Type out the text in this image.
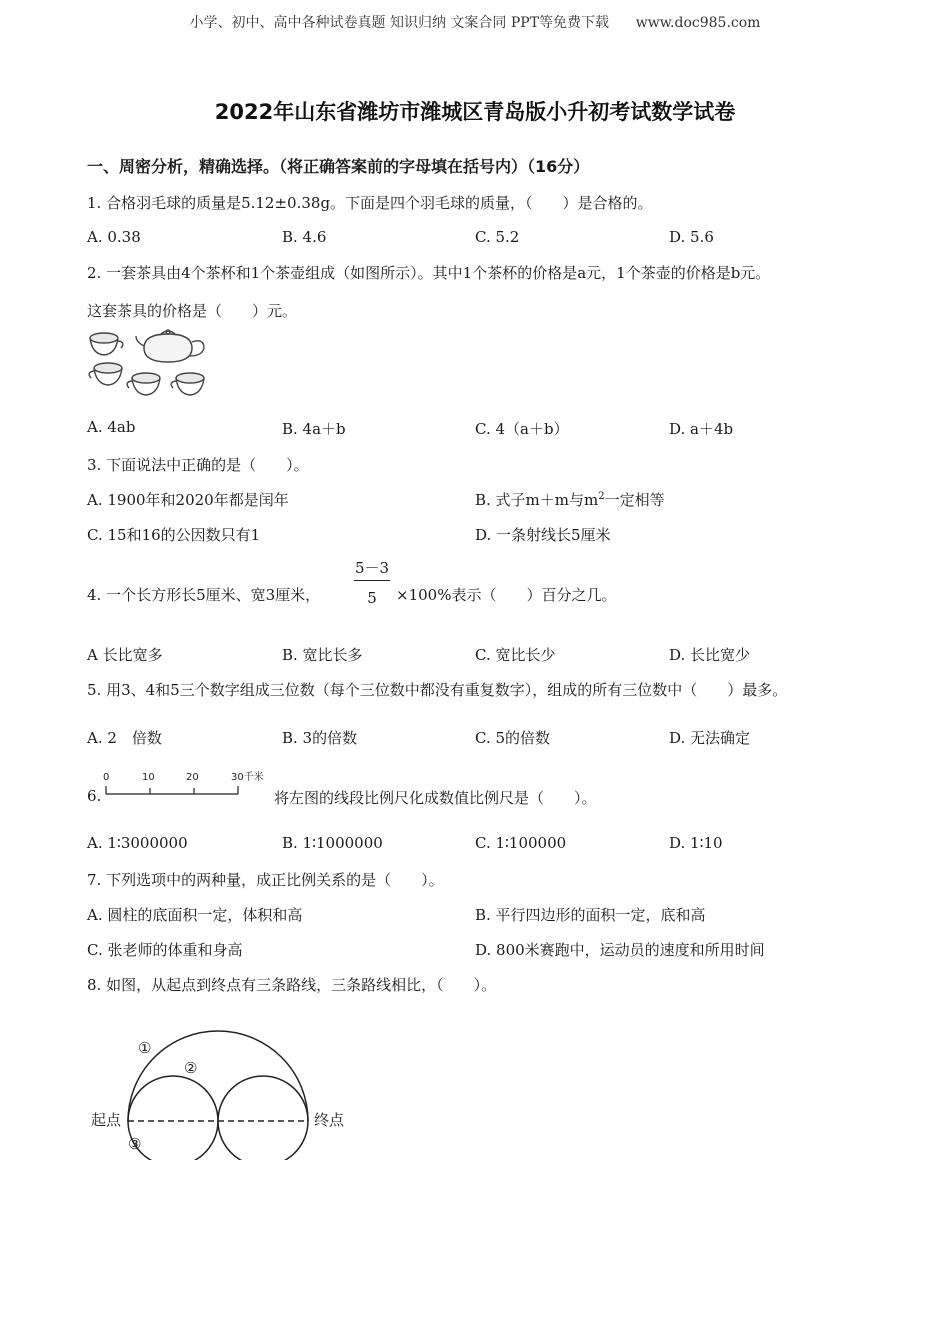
小学、初中、高中各种试卷真题 知识归纳 文案合同 PPT等免费下载 www.doc985.com
2022年山东省潍坊市潍城区青岛版小升初考试数学试卷
一、周密分析，精确选择。（将正确答案前的字母填在括号内）（16分）
1. 合格羽毛球的质量是5.12±0.38g。下面是四个羽毛球的质量，（　　）是合格的。
A. 0.38	B. 4.6	C. 5.2	D. 5.6
2. 一套茶具由4个茶杯和1个茶壶组成（如图所示）。其中1个茶杯的价格是a元，1个茶壶的价格是b元。
这套茶具的价格是（　　）元。
A. 4ab	B. 4a＋b	C. 4（a＋b）	D. a＋4b
3. 下面说法中正确的是（　　）。
A. 1900年和2020年都是闰年	B. 式子m＋m与$m^2$一定相等
C. 15和16的公因数只有1	D. 一条射线长5厘米
4. 一个长方形长5厘米、宽3厘米，
5－3
5	×100%表示（　　）百分之几。
A 长比宽多	B. 宽比长多	C. 宽比长少	D. 长比宽少
5. 用3、4和5三个数字组成三位数（每个三位数中都没有重复数字），组成的所有三位数中（　　）最多。
A. 2　倍数	B. 3的倍数	C. 5的倍数	D. 无法确定
6.
0	10	20	30千米
将左图的线段比例尺化成数值比例尺是（　　）。
A. 1∶3000000	B. 1∶1000000	C. 1∶100000	D. 1∶10
7. 下列选项中的两种量，成正比例关系的是（　　）。
A. 圆柱的底面积一定，体积和高	B. 平行四边形的面积一定，底和高
C. 张老师的体重和身高	D. 800米赛跑中，运动员的速度和所用时间
8. 如图，从起点到终点有三条路线，三条路线相比，（　　）。
起点	终点
①
②
③
